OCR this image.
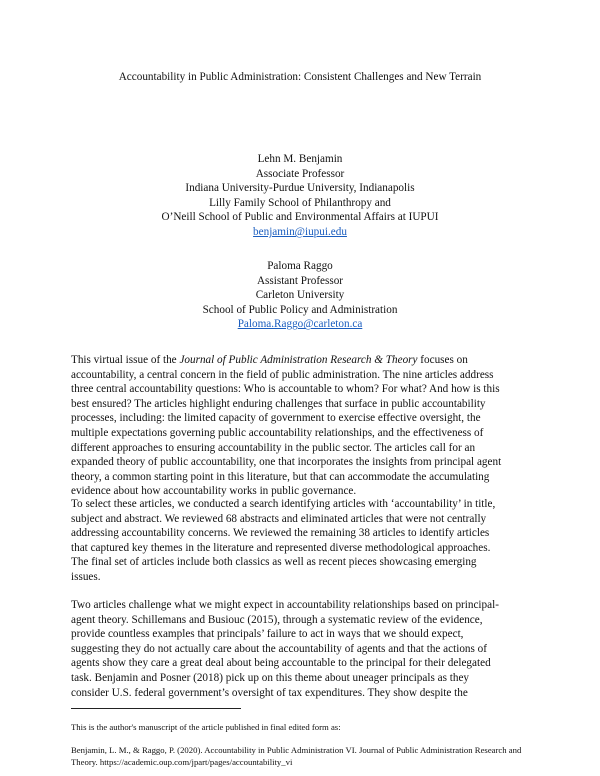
Accountability in Public Administration: Consistent Challenges and New Terrain
Lehn M. Benjamin
Associate Professor
Indiana University-Purdue University, Indianapolis
Lilly Family School of Philanthropy and
O’Neill School of Public and Environmental Affairs at IUPUI
benjamin@iupui.edu
Paloma Raggo
Assistant Professor
Carleton University
School of Public Policy and Administration
Paloma.Raggo@carleton.ca
This virtual issue of the Journal of Public Administration Research & Theory focuses on
accountability, a central concern in the field of public administration. The nine articles address
three central accountability questions: Who is accountable to whom? For what? And how is this
best ensured? The articles highlight enduring challenges that surface in public accountability
processes, including: the limited capacity of government to exercise effective oversight, the
multiple expectations governing public accountability relationships, and the effectiveness of
different approaches to ensuring accountability in the public sector. The articles call for an
expanded theory of public accountability, one that incorporates the insights from principal agent
theory, a common starting point in this literature, but that can accommodate the accumulating
evidence about how accountability works in public governance.
To select these articles, we conducted a search identifying articles with ‘accountability’ in title,
subject and abstract. We reviewed 68 abstracts and eliminated articles that were not centrally
addressing accountability concerns. We reviewed the remaining 38 articles to identify articles
that captured key themes in the literature and represented diverse methodological approaches.
The final set of articles include both classics as well as recent pieces showcasing emerging
issues.
Two articles challenge what we might expect in accountability relationships based on principal-
agent theory. Schillemans and Busiouc (2015), through a systematic review of the evidence,
provide countless examples that principals’ failure to act in ways that we should expect,
suggesting they do not actually care about the accountability of agents and that the actions of
agents show they care a great deal about being accountable to the principal for their delegated
task. Benjamin and Posner (2018) pick up on this theme about uneager principals as they
consider U.S. federal government’s oversight of tax expenditures. They show despite the
This is the author's manuscript of the article published in final edited form as:
Benjamin, L. M., & Raggo, P. (2020). Accountability in Public Administration VI. Journal of Public Administration Research and
Theory. https://academic.oup.com/jpart/pages/accountability_vi
